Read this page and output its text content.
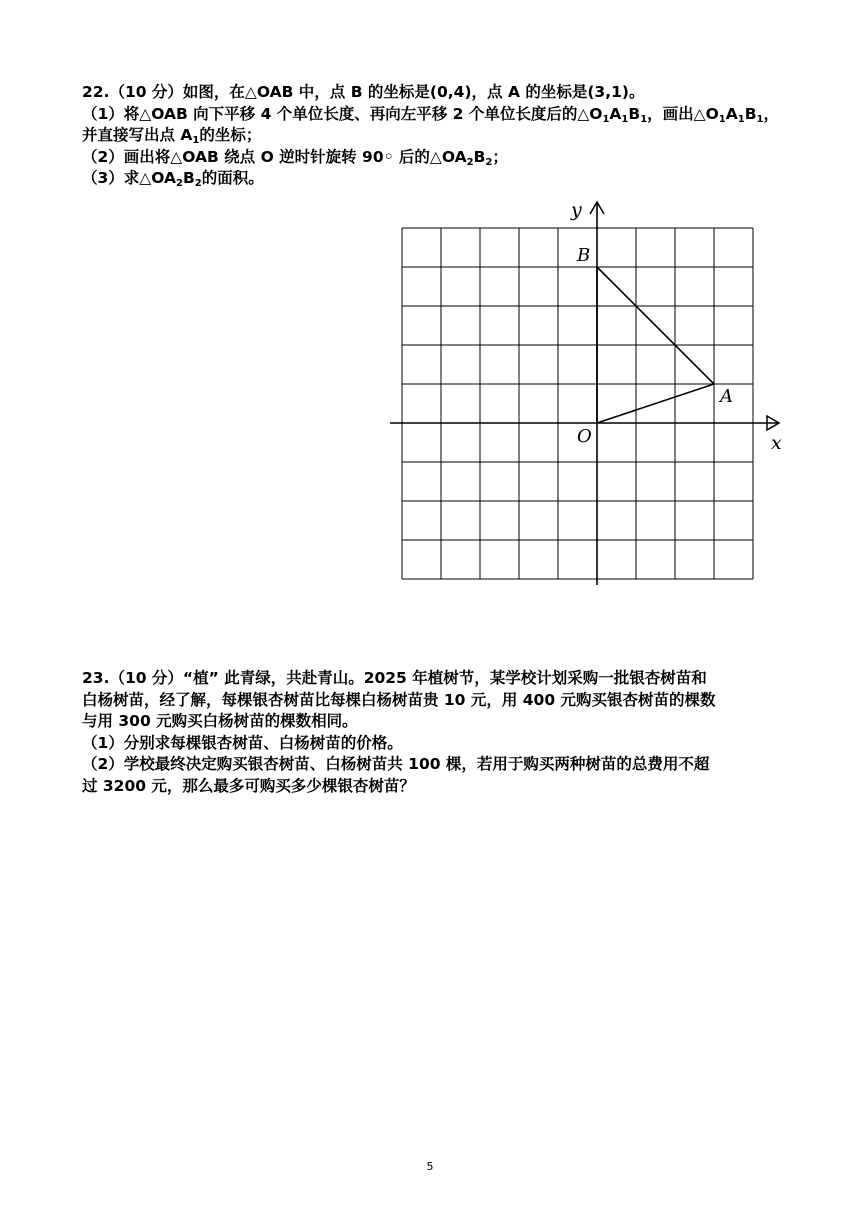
22.（10 分）如图，在△OAB 中，点 B 的坐标是(0,4)，点 A 的坐标是(3,1)。
（1）将△OAB 向下平移 4 个单位长度、再向左平移 2 个单位长度后的$\triangle O_1A_1B_1$，画出$\triangle O_1A_1B_1$，
并直接写出点 $A_1$的坐标；
（2）画出将△OAB 绕点 O 逆时针旋转 90◦ 后的$\triangle OA_2B_2$；
（3）求$\triangle OA_2B_2$的面积。
x
y
O
A
B
23.（10 分）“植” 此青绿，共赴青山。2025 年植树节，某学校计划采购一批银杏树苗和
白杨树苗，经了解，每棵银杏树苗比每棵白杨树苗贵 10 元，用 400 元购买银杏树苗的棵数
与用 300 元购买白杨树苗的棵数相同。
（1）分别求每棵银杏树苗、白杨树苗的价格。
（2）学校最终决定购买银杏树苗、白杨树苗共 100 棵，若用于购买两种树苗的总费用不超
过 3200 元，那么最多可购买多少棵银杏树苗？
5
